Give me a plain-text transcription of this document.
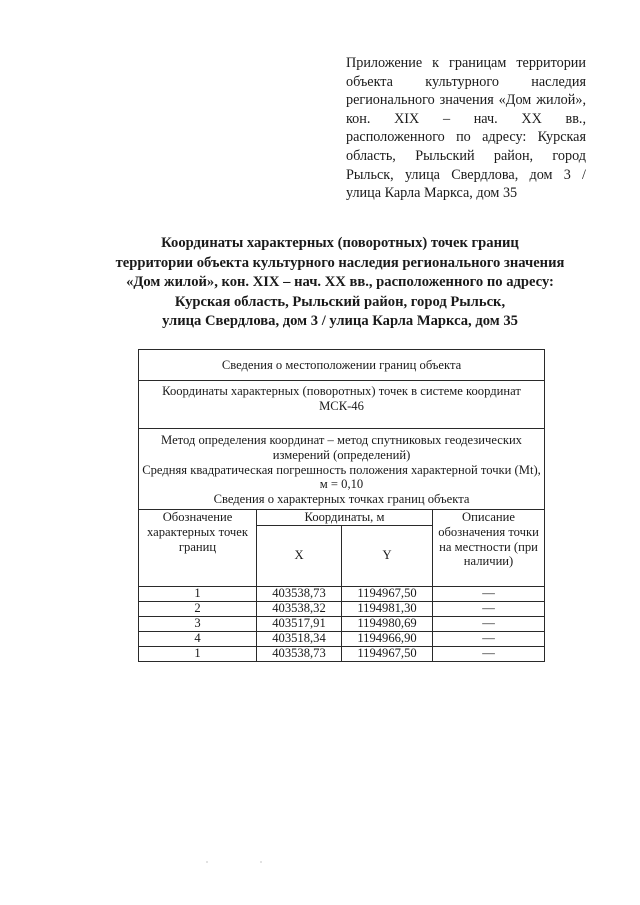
Приложение к границам территории объекта культурного наследия регионального значения «Дом жилой», кон. XIX – нач. XX вв., расположенного по адресу: Курская область, Рыльский район, город Рыльск, улица Свердлова, дом 3 / улица Карла Маркса, дом 35
Координаты характерных (поворотных) точек границ
территории объекта культурного наследия регионального значения
«Дом жилой», кон. XIX – нач. XX вв., расположенного по адресу:
Курская область, Рыльский район, город Рыльск,
улица Свердлова, дом 3 / улица Карла Маркса, дом 35
Сведения о местоположении границ объекта			
Координаты характерных (поворотных) точек в системе координат МСК-46			

Метод определения координат – метод спутниковых геодезических измерений (определений)
Средняя квадратическая погрешность положения характерной точки (Mt), м = 0,10
Сведения о характерных точках границ объекта			

Обозначение характерных точек границ	Координаты, м		Описание обозначения точки на местности (при наличии)
	X	Y	
1	403538,73	1194967,50	—
2	403538,32	1194981,30	—
3	403517,91	1194980,69	—
4	403518,34	1194966,90	—
1	403538,73	1194967,50	—
